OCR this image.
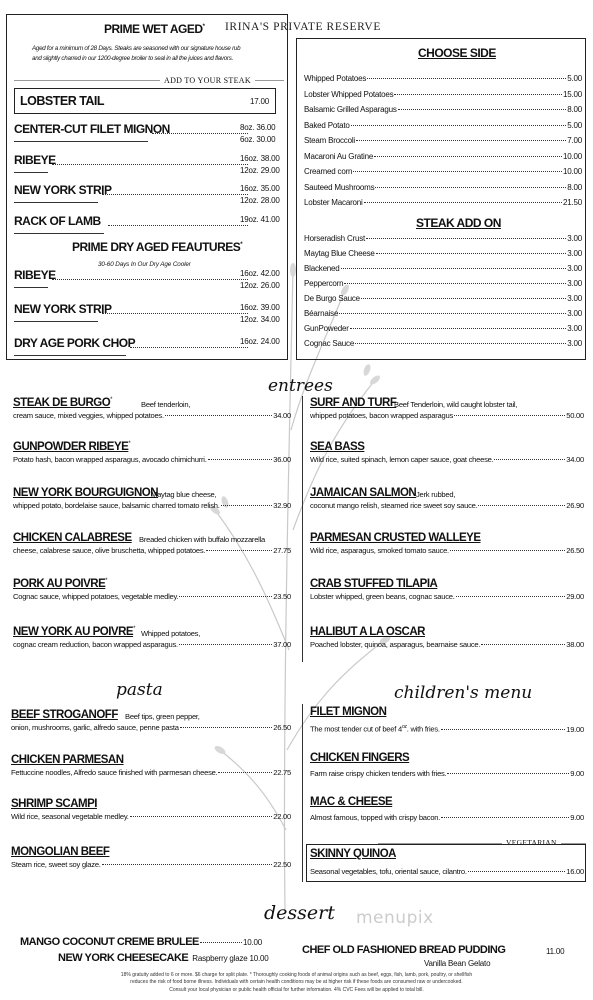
PRIME WET AGED*
Aged for a minimum of 28 Days. Steaks are seasoned with our signature house rub
and slightly charred in our 1200-degree broiler to seal in all the juices and flavors.
ADD TO YOUR STEAK
LOBSTER TAIL	17.00
CENTER-CUT FILET MIGNON	8oz. 36.00
6oz. 30.00
RIBEYE	16oz. 38.00
12oz. 29.00
NEW YORK STRIP	16oz. 35.00
12oz. 28.00
RACK OF LAMB	19oz. 41.00
PRIME DRY AGED FEAUTURES*
30-60 Days In Our Dry Age Cooler
RIBEYE	16oz. 42.00
12oz. 26.00
NEW YORK STRIP	16oz. 39.00
12oz. 34.00
DRY AGE PORK CHOP	16oz. 24.00
IRINA'S PRIVATE RESERVE
CHOOSE SIDE
Whipped Potatoes	5.00
Lobster Whipped Potatoes	15.00
Balsamic Grilled Asparagus	8.00
Baked Potato	5.00
Steam Broccoli	7.00
Macaroni Au Gratine	10.00
Creamed corn	10.00
Sauteed Mushrooms	8.00
Lobster Macaroni	21.50
STEAK ADD ON
Horseradish Crust	3.00
Maytag Blue Cheese	3.00
Blackened	3.00
Peppercorn	3.00
De Burgo Sauce	3.00
Béarnaise	3.00
GunPoweder	3.00
Cognac Sauce	3.00
entrees
STEAK DE BURGO*	Beef tenderloin,
cream sauce, mixed veggies, whipped potatoes.	34.00
GUNPOWDER RIBEYE*
Potato hash, bacon wrapped asparagus, avocado chimichurri.	36.00
NEW YORK BOURGUIGNON
Maytag blue cheese,
whipped potato, bordelaise sauce, balsamic charred tomato relish.	32.90
CHICKEN CALABRESE Breaded chicken with buffalo mozzarella
cheese, calabrese sauce, olive bruschetta, whipped potatoes.	27.75
PORK AU POIVRE*
Cognac sauce, whipped potatoes, vegetable medley.	23.50
NEW YORK AU POIVRE* Whipped potatoes,
cognac cream reduction, bacon wrapped asparagus.	37.00
SURF AND TURF
Beef Tenderloin, wild caught lobster tail,
whipped potatoes, bacon wrapped asparagus	50.00
SEA BASS
Wild rice, suited spinach, lemon caper sauce, goat cheese.	34.00
JAMAICAN SALMON Jerk rubbed,
coconut mango relish, steamed rice sweet soy sauce.	26.90
PARMESAN CRUSTED WALLEYE
Wild rice, asparagus, smoked tomato sauce.	26.50
CRAB STUFFED TILAPIA
Lobster whipped, green beans, cognac sauce.	29.00
HALIBUT A LA OSCAR
Poached lobster, quinoa, asparagus, bearnaise sauce.	38.00
pasta
BEEF STROGANOFF Beef tips, green pepper,
onion, mushrooms, garlic, alfredo sauce, penne pasta	26.50
CHICKEN PARMESAN
Fettuccine noodles, Alfredo sauce finished with parmesan cheese.	22.75
SHRIMP SCAMPI
Wild rice, seasonal vegetable medley.	22.00
MONGOLIAN BEEF
Steam rice, sweet soy glaze.	22.50
children's menu
FILET MIGNON
The most tender cut of beef $4^{oz}$. with fries.	19.00
CHICKEN FINGERS
Farm raise crispy chicken tenders with fries.	9.00
MAC & CHEESE
Almost famous, topped with crispy bacon.	9.00
VEGETARIAN
SKINNY QUINOA
Seasonal vegetables, tofu, oriental sauce, cilantro.	16.00
dessert menupix
MANGO COCONUT CREME BRULEE	10.00
NEW YORK CHEESECAKE Raspberry glaze 10.00
CHEF OLD FASHIONED BREAD PUDDING	11.00
Vanilla Bean Gelato
18% gratuity added to 6 or more. $6 charge for split plate. * Thoroughly cooking foods of animal origins such as beef, eggs, fish, lamb, pork, poultry, or shellfish
reduces the risk of food borne illness. Individuals with certain health conditions may be at higher risk if these foods are consumed raw or undercooked.
Consult your local physician or public health official for further information. 4% CVC Fees will be applied to total bill.
